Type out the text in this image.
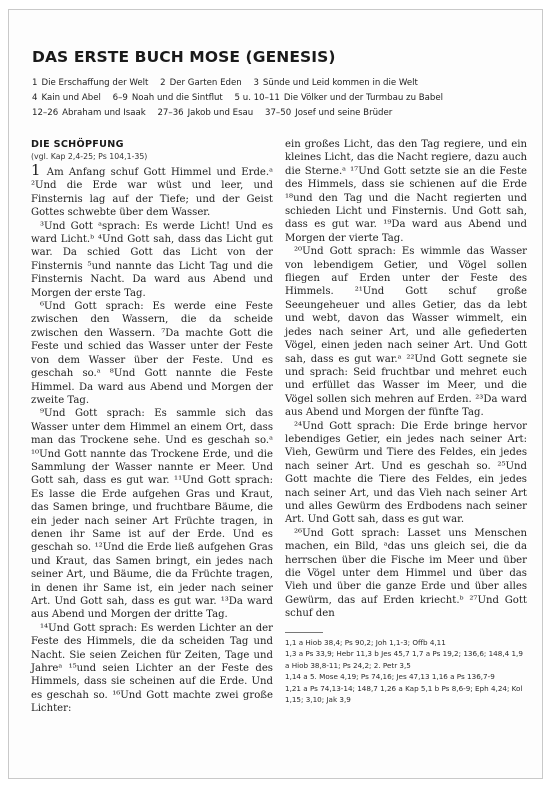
DAS ERSTE BUCH MOSE (GENESIS)
1 Die Erschaffung der Welt 2 Der Garten Eden 3 Sünde und Leid kommen in die Welt
4 Kain und Abel 6–9 Noah und die Sintflut 5 u. 10–11 Die Völker und der Turmbau zu Babel
12–26 Abraham und Isaak 27–36 Jakob und Esau 37–50 Josef und seine Brüder
DIE SCHÖPFUNG
(vgl. Kap 2,4-25; Ps 104,1-35)

1 Am Anfang schuf Gott Himmel und Erde.ᵃ ²Und die Erde war wüst und leer, und Finsternis lag auf der Tiefe; und der Geist Gottes schwebte über dem Wasser.

³Und Gott ᵃsprach: Es werde Licht! Und es ward Licht.ᵇ ⁴Und Gott sah, dass das Licht gut war. Da schied Gott das Licht von der Finsternis ⁵und nannte das Licht Tag und die Finsternis Nacht. Da ward aus Abend und Morgen der erste Tag.

⁶Und Gott sprach: Es werde eine Feste zwischen den Wassern, die da scheide zwischen den Wassern. ⁷Da machte Gott die Feste und schied das Wasser unter der Feste von dem Wasser über der Feste. Und es geschah so.ᵃ ⁸Und Gott nannte die Feste Himmel. Da ward aus Abend und Morgen der zweite Tag.

⁹Und Gott sprach: Es sammle sich das Wasser unter dem Himmel an einem Ort, dass man das Trockene sehe. Und es geschah so.ᵃ ¹⁰Und Gott nannte das Trockene Erde, und die Sammlung der Wasser nannte er Meer. Und Gott sah, dass es gut war. ¹¹Und Gott sprach: Es lasse die Erde aufgehen Gras und Kraut, das Samen bringe, und fruchtbare Bäume, die ein jeder nach seiner Art Früchte tragen, in denen ihr Same ist auf der Erde. Und es geschah so. ¹²Und die Erde ließ aufgehen Gras und Kraut, das Samen bringt, ein jedes nach seiner Art, und Bäume, die da Früchte tragen, in denen ihr Same ist, ein jeder nach seiner Art. Und Gott sah, dass es gut war. ¹³Da ward aus Abend und Morgen der dritte Tag.

¹⁴Und Gott sprach: Es werden Lichter an der Feste des Himmels, die da scheiden Tag und Nacht. Sie seien Zeichen für Zeiten, Tage und Jahreᵃ ¹⁵und seien Lichter an der Feste des Himmels, dass sie scheinen auf die Erde. Und es geschah so. ¹⁶Und Gott machte zwei große Lichter:

ein großes Licht, das den Tag regiere, und ein kleines Licht, das die Nacht regiere, dazu auch die Sterne.ᵃ ¹⁷Und Gott setzte sie an die Feste des Himmels, dass sie schienen auf die Erde ¹⁸und den Tag und die Nacht regierten und schieden Licht und Finsternis. Und Gott sah, dass es gut war. ¹⁹Da ward aus Abend und Morgen der vierte Tag.

²⁰Und Gott sprach: Es wimmle das Wasser von lebendigem Getier, und Vögel sollen fliegen auf Erden unter der Feste des Himmels. ²¹Und Gott schuf große Seeungeheuer und alles Getier, das da lebt und webt, davon das Wasser wimmelt, ein jedes nach seiner Art, und alle gefiederten Vögel, einen jeden nach seiner Art. Und Gott sah, dass es gut war.ᵃ ²²Und Gott segnete sie und sprach: Seid fruchtbar und mehret euch und erfüllet das Wasser im Meer, und die Vögel sollen sich mehren auf Erden. ²³Da ward aus Abend und Morgen der fünfte Tag.

²⁴Und Gott sprach: Die Erde bringe hervor lebendiges Getier, ein jedes nach seiner Art: Vieh, Gewürm und Tiere des Feldes, ein jedes nach seiner Art. Und es geschah so. ²⁵Und Gott machte die Tiere des Feldes, ein jedes nach seiner Art, und das Vieh nach seiner Art und alles Gewürm des Erdbodens nach seiner Art. Und Gott sah, dass es gut war.

²⁶Und Gott sprach: Lasset uns Menschen machen, ein Bild, ᵃdas uns gleich sei, die da herrschen über die Fische im Meer und über die Vögel unter dem Himmel und über das Vieh und über die ganze Erde und über alles Gewürm, das auf Erden kriecht.ᵇ ²⁷Und Gott schuf den

1,1 a Hiob 38,4; Ps 90,2; Joh 1,1-3; Offb 4,11
1,3 a Ps 33,9; Hebr 11,3 b Jes 45,7 1,7 a Ps 19,2; 136,6; 148,4 1,9 a Hiob 38,8-11; Ps 24,2; 2. Petr 3,5
1,14 a 5. Mose 4,19; Ps 74,16; Jes 47,13 1,16 a Ps 136,7-9
1,21 a Ps 74,13-14; 148,7 1,26 a Kap 5,1 b Ps 8,6-9; Eph 4,24; Kol 1,15; 3,10; Jak 3,9
